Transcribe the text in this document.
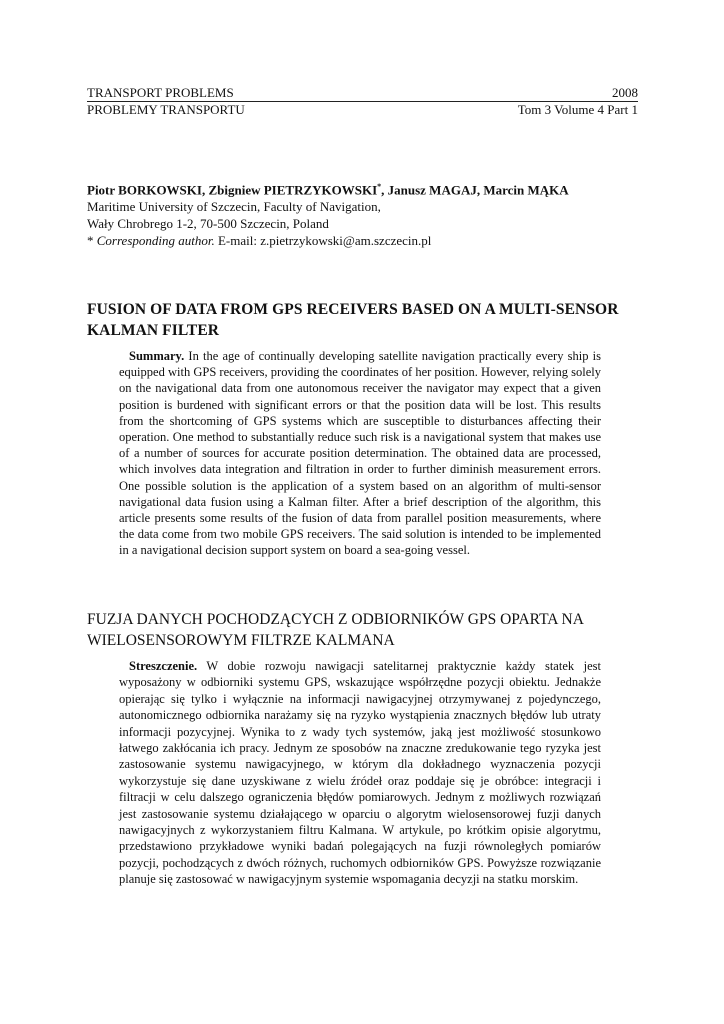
TRANSPORT PROBLEMS	2008
PROBLEMY TRANSPORTU	Tom 3 Volume 4 Part 1
Piotr BORKOWSKI, Zbigniew PIETRZYKOWSKI*, Janusz MAGAJ, Marcin MĄKA
Maritime University of Szczecin, Faculty of Navigation,
Wały Chrobrego 1-2, 70-500 Szczecin, Poland
* Corresponding author. E-mail: z.pietrzykowski@am.szczecin.pl
FUSION OF DATA FROM GPS RECEIVERS BASED ON A MULTI-SENSOR KALMAN FILTER

Summary. In the age of continually developing satellite navigation practically every ship is equipped with GPS receivers, providing the coordinates of her position. However, relying solely on the navigational data from one autonomous receiver the navigator may expect that a given position is burdened with significant errors or that the position data will be lost. This results from the shortcoming of GPS systems which are susceptible to disturbances affecting their operation. One method to substantially reduce such risk is a navigational system that makes use of a number of sources for accurate position determination. The obtained data are processed, which involves data integration and filtration in order to further diminish measurement errors. One possible solution is the application of a system based on an algorithm of multi-sensor navigational data fusion using a Kalman filter. After a brief description of the algorithm, this article presents some results of the fusion of data from parallel position measurements, where the data come from two mobile GPS receivers. The said solution is intended to be implemented in a navigational decision support system on board a sea-going vessel.

FUZJA DANYCH POCHODZĄCYCH Z ODBIORNIKÓW GPS OPARTA NA WIELOSENSOROWYM FILTRZE KALMANA

Streszczenie. W dobie rozwoju nawigacji satelitarnej praktycznie każdy statek jest wyposażony w odbiorniki systemu GPS, wskazujące współrzędne pozycji obiektu. Jednakże opierając się tylko i wyłącznie na informacji nawigacyjnej otrzymywanej z pojedynczego, autonomicznego odbiornika narażamy się na ryzyko wystąpienia znacznych błędów lub utraty informacji pozycyjnej. Wynika to z wady tych systemów, jaką jest możliwość stosunkowo łatwego zakłócania ich pracy. Jednym ze sposobów na znaczne zredukowanie tego ryzyka jest zastosowanie systemu nawigacyjnego, w którym dla dokładnego wyznaczenia pozycji wykorzystuje się dane uzyskiwane z wielu źródeł oraz poddaje się je obróbce: integracji i filtracji w celu dalszego ograniczenia błędów pomiarowych. Jednym z możliwych rozwiązań jest zastosowanie systemu działającego w oparciu o algorytm wielosensorowej fuzji danych nawigacyjnych z wykorzystaniem filtru Kalmana. W artykule, po krótkim opisie algorytmu, przedstawiono przykładowe wyniki badań polegających na fuzji równoległych pomiarów pozycji, pochodzących z dwóch różnych, ruchomych odbiorników GPS. Powyższe rozwiązanie planuje się zastosować w nawigacyjnym systemie wspomagania decyzji na statku morskim.
